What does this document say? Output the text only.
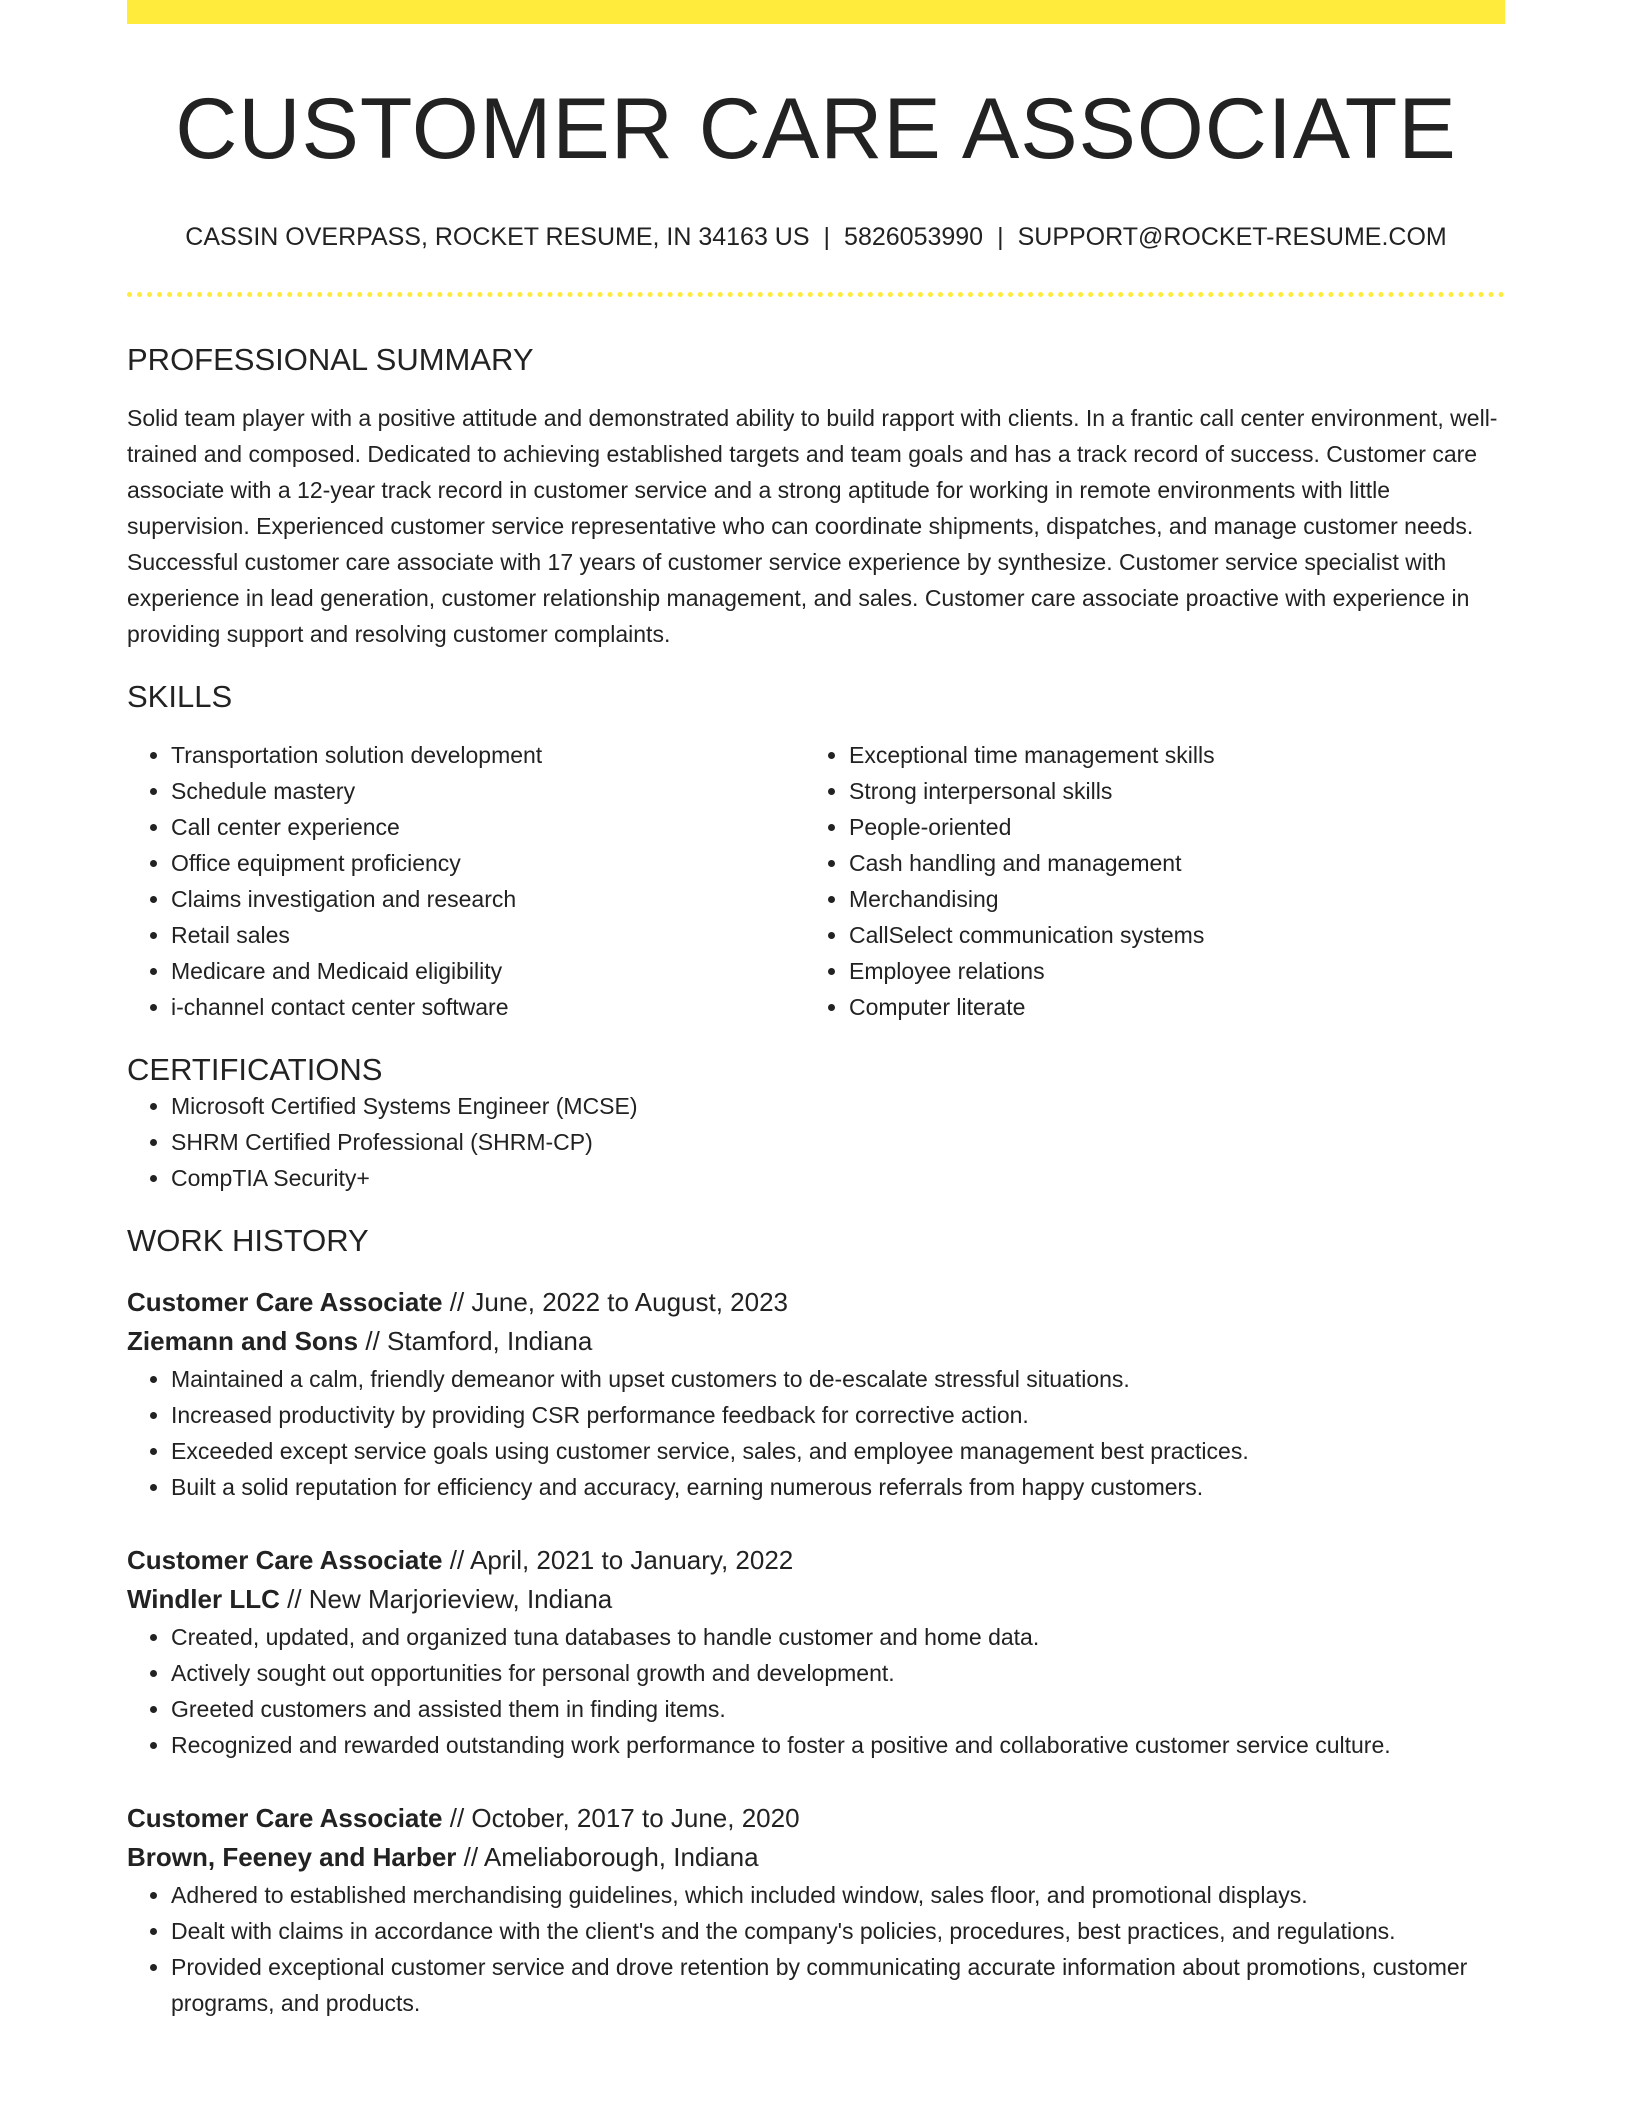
CUSTOMER CARE ASSOCIATE
CASSIN OVERPASS, ROCKET RESUME, IN 34163 US | 5826053990 | SUPPORT@ROCKET-RESUME.COM
PROFESSIONAL SUMMARY

Solid team player with a positive attitude and demonstrated ability to build rapport with clients. In a frantic call center environment, well-trained and composed. Dedicated to achieving established targets and team goals and has a track record of success. Customer care associate with a 12-year track record in customer service and a strong aptitude for working in remote environments with little supervision. Experienced customer service representative who can coordinate shipments, dispatches, and manage customer needs. Successful customer care associate with 17 years of customer service experience by synthesize. Customer service specialist with experience in lead generation, customer relationship management, and sales. Customer care associate proactive with experience in providing support and resolving customer complaints.

SKILLS
• Transportation solution development
• Schedule mastery
• Call center experience
• Office equipment proficiency
• Claims investigation and research
• Retail sales
• Medicare and Medicaid eligibility
• i-channel contact center software
• Exceptional time management skills
• Strong interpersonal skills
• People-oriented
• Cash handling and management
• Merchandising
• CallSelect communication systems
• Employee relations
• Computer literate
CERTIFICATIONS
• Microsoft Certified Systems Engineer (MCSE)
• SHRM Certified Professional (SHRM-CP)
• CompTIA Security+
WORK HISTORY
Customer Care Associate // June, 2022 to August, 2023
Ziemann and Sons // Stamford, Indiana
• Maintained a calm, friendly demeanor with upset customers to de-escalate stressful situations.
• Increased productivity by providing CSR performance feedback for corrective action.
• Exceeded except service goals using customer service, sales, and employee management best practices.
• Built a solid reputation for efficiency and accuracy, earning numerous referrals from happy customers.
Customer Care Associate // April, 2021 to January, 2022
Windler LLC // New Marjorieview, Indiana
• Created, updated, and organized tuna databases to handle customer and home data.
• Actively sought out opportunities for personal growth and development.
• Greeted customers and assisted them in finding items.
• Recognized and rewarded outstanding work performance to foster a positive and collaborative customer service culture.
Customer Care Associate // October, 2017 to June, 2020
Brown, Feeney and Harber // Ameliaborough, Indiana
• Adhered to established merchandising guidelines, which included window, sales floor, and promotional displays.
• Dealt with claims in accordance with the client's and the company's policies, procedures, best practices, and regulations.
• Provided exceptional customer service and drove retention by communicating accurate information about promotions, customer programs, and products.
